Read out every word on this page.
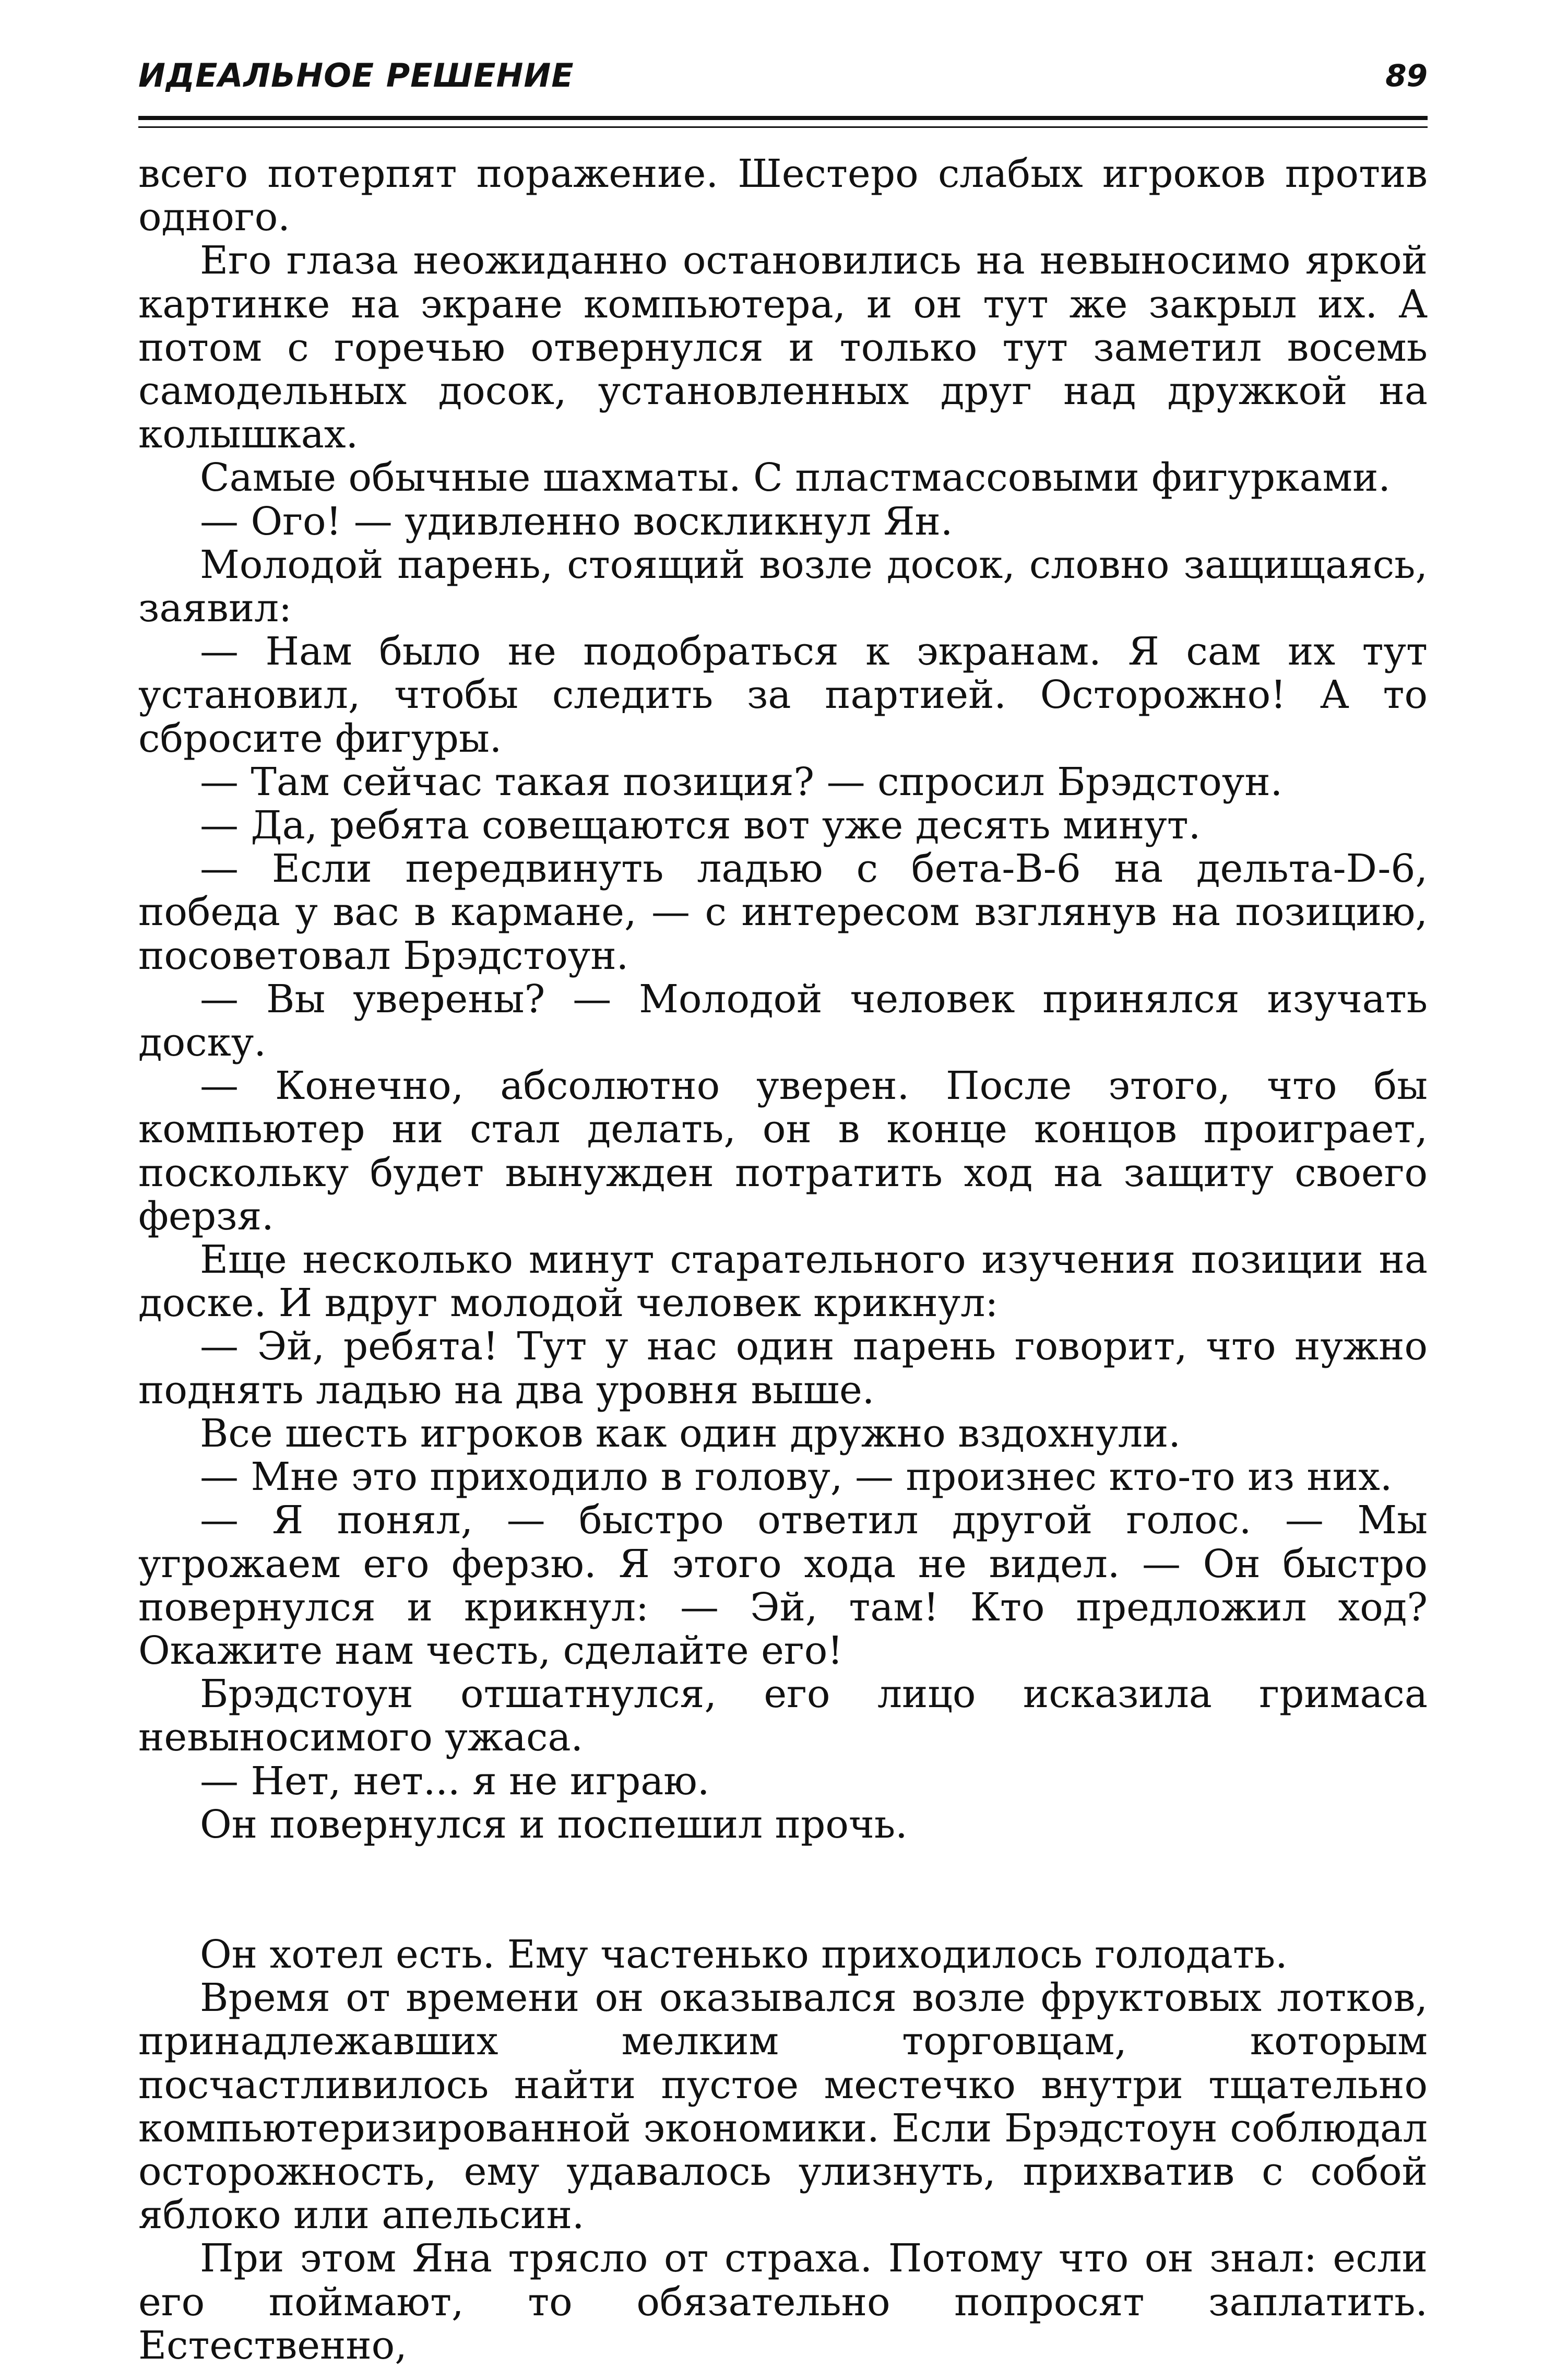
ИДЕАЛЬНОЕ РЕШЕНИЕ	89

всего потерпят поражение. Шестеро слабых игроков против одного.

Его глаза неожиданно остановились на невыносимо яркой картинке на экране компьютера, и он тут же закрыл их. А потом с горечью отвернулся и только тут заметил восемь самодельных досок, установленных друг над дружкой на колышках.

Самые обычные шахматы. С пластмассовыми фигурками.

— Ого! — удивленно воскликнул Ян.

Молодой парень, стоящий возле досок, словно защищаясь, заявил:

— Нам было не подобраться к экранам. Я сам их тут установил, чтобы следить за партией. Осторожно! А то сбросите фигуры.

— Там сейчас такая позиция? — спросил Брэдстоун.

— Да, ребята совещаются вот уже десять минут.

— Если передвинуть ладью с бета-В-6 на дельта-D-6, победа у вас в кармане, — с интересом взглянув на позицию, посоветовал Брэдстоун.

— Вы уверены? — Молодой человек принялся изучать доску.

— Конечно, абсолютно уверен. После этого, что бы компьютер ни стал делать, он в конце концов проиграет, поскольку будет вынужден потратить ход на защиту своего ферзя.

Еще несколько минут старательного изучения позиции на доске. И вдруг молодой человек крикнул:

— Эй, ребята! Тут у нас один парень говорит, что нужно поднять ладью на два уровня выше.

Все шесть игроков как один дружно вздохнули.

— Мне это приходило в голову, — произнес кто-то из них.

— Я понял, — быстро ответил другой голос. — Мы угрожаем его ферзю. Я этого хода не видел. — Он быстро повернулся и крикнул: — Эй, там! Кто предложил ход? Окажите нам честь, сделайте его!

Брэдстоун отшатнулся, его лицо исказила гримаса невыносимого ужаса.

— Нет, нет... я не играю.

Он повернулся и поспешил прочь.

Он хотел есть. Ему частенько приходилось голодать.

Время от времени он оказывался возле фруктовых лотков, принадлежавших мелким торговцам, которым посчастливилось найти пустое местечко внутри тщательно компьютеризированной экономики. Если Брэдстоун соблюдал осторожность, ему удавалось улизнуть, прихватив с собой яблоко или апельсин.

При этом Яна трясло от страха. Потому что он знал: если его поймают, то обязательно попросят заплатить. Естественно,
